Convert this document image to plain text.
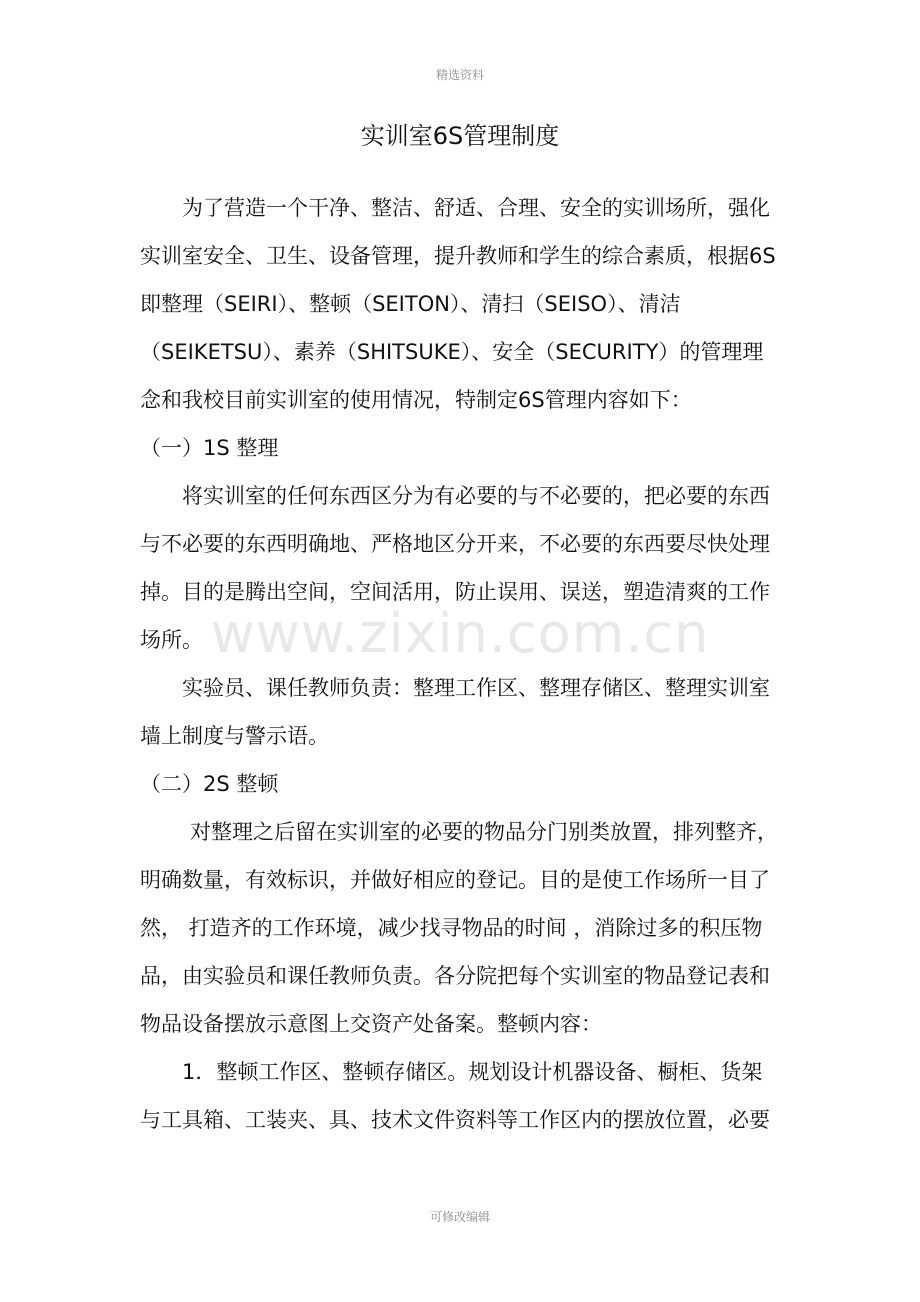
精选资料
实训室6S管理制度
为了营造一个干净、整洁、舒适、合理、安全的实训场所，强化
实训室安全、卫生、设备管理，提升教师和学生的综合素质，根据6S
即整理（SEIRI）、整顿（SEITON）、清扫（SEISO）、清洁
（SEIKETSU）、素养（SHITSUKE）、安全（SECURITY）的管理理
念和我校目前实训室的使用情况，特制定6S管理内容如下：
（一）1S 整理
将实训室的任何东西区分为有必要的与不必要的，把必要的东西
与不必要的东西明确地、严格地区分开来，不必要的东西要尽快处理
掉。目的是腾出空间，空间活用，防止误用、误送，塑造清爽的工作
场所。
实验员、课任教师负责：整理工作区、整理存储区、整理实训室
墙上制度与警示语。
（二）2S 整顿
对整理之后留在实训室的必要的物品分门别类放置，排列整齐，
明确数量，有效标识，并做好相应的登记。目的是使工作场所一目了
然， 打造齐的工作环境，减少找寻物品的时间 ，消除过多的积压物
品，由实验员和课任教师负责。各分院把每个实训室的物品登记表和
物品设备摆放示意图上交资产处备案。整顿内容：
1．整顿工作区、整顿存储区。规划设计机器设备、橱柜、货架
与工具箱、工装夹、具、技术文件资料等工作区内的摆放位置，必要
www.zixin.com.cn
可修改编辑
